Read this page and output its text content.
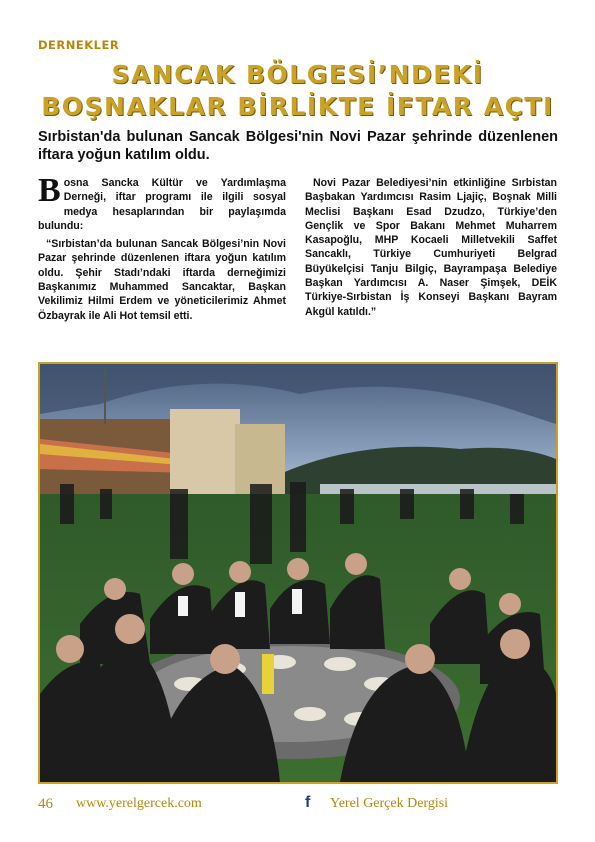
DERNEKLER
SANCAK BÖLGESİ’NDEKİ
BOŞNAKLAR BİRLİKTE İFTAR AÇTI
Sırbistan'da bulunan Sancak Bölgesi'nin Novi Pazar şehrinde düzenlenen iftara yoğun katılım oldu.

Bosna Sancka Kültür ve Yardımlaşma Derneği, iftar programı ile ilgili sosyal medya hesaplarından bir paylaşımda bulundu:

“Sırbistan’da bulunan Sancak Bölgesi’nin Novi Pazar şehrinde düzenlenen iftara yoğun katılım oldu. Şehir Stadı’ndaki iftarda derneğimizi Başkanımız Muhammed Sancaktar, Başkan Vekilimiz Hilmi Erdem ve yöneticilerimiz Ahmet Özbayrak ile Ali Hot temsil etti.

Novi Pazar Belediyesi’nin etkinliğine Sırbistan Başbakan Yardımcısı Rasim Ljajiç, Boşnak Milli Meclisi Başkanı Esad Dzudzo, Türkiye’den Gençlik ve Spor Bakanı Mehmet Muharrem Kasapoğlu, MHP Kocaeli Milletvekili Saffet Sancaklı, Türkiye Cumhuriyeti Belgrad Büyükelçisi Tanju Bilgiç, Bayrampaşa Belediye Başkan Yardımcısı A. Naser Şimşek, DEİK Türkiye-Sırbistan İş Konseyi Başkanı Bayram Akgül katıldı.”

46 www.yerelgercek.com	f Yerel Gerçek Dergisi
